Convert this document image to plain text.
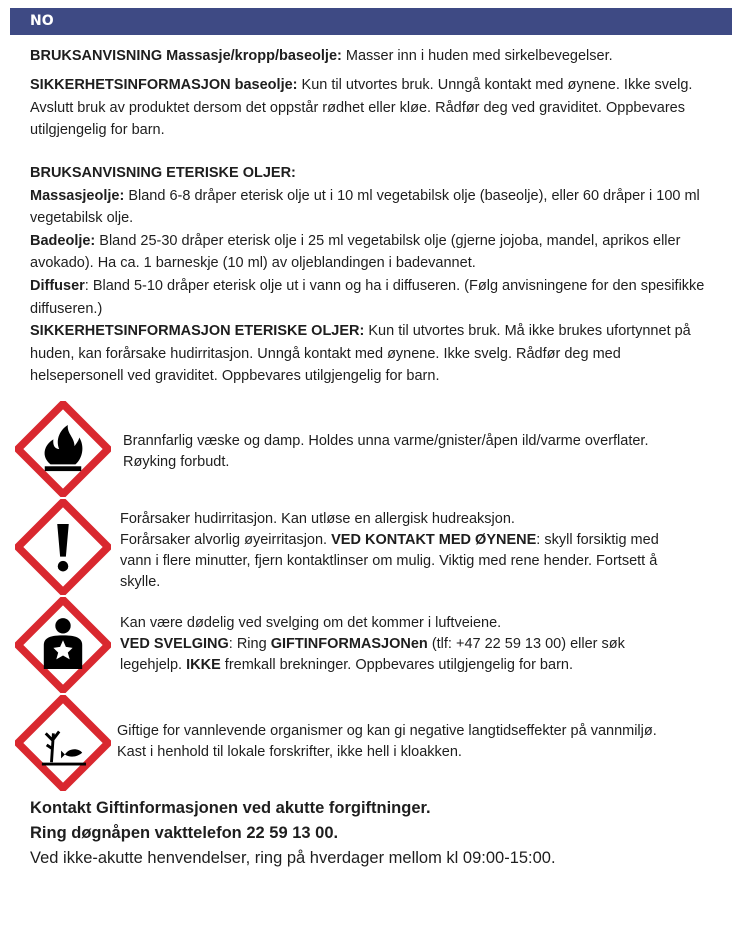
NO

BRUKSANVISNING Massasje/kropp/baseolje: Masser inn i huden med sirkelbevegelser.

SIKKERHETSINFORMASJON baseolje: Kun til utvortes bruk. Unngå kontakt med øynene. Ikke svelg. Avslutt bruk av produktet dersom det oppstår rødhet eller kløe. Rådfør deg ved graviditet. Oppbevares utilgjengelig for barn.

BRUKSANVISNING ETERISKE OLJER:
Massasjeolje: Bland 6-8 dråper eterisk olje ut i 10 ml vegetabilsk olje (baseolje), eller 60 dråper i 100 ml vegetabilsk olje.
Badeolje: Bland 25-30 dråper eterisk olje i 25 ml vegetabilsk olje (gjerne jojoba, mandel, aprikos eller avokado). Ha ca. 1 barneskje (10 ml) av oljeblandingen i badevannet.
Diffuser: Bland 5-10 dråper eterisk olje ut i vann og ha i diffuseren. (Følg anvisningene for den spesifikke diffuseren.)

SIKKERHETSINFORMASJON ETERISKE OLJER: Kun til utvortes bruk. Må ikke brukes ufortynnet på huden, kan forårsake hudirritasjon. Unngå kontakt med øynene. Ikke svelg. Rådfør deg med helsepersonell ved graviditet. Oppbevares utilgjengelig for barn.

Brannfarlig væske og damp. Holdes unna varme/gnister/åpen ild/varme overflater. Røyking forbudt.

Forårsaker hudirritasjon. Kan utløse en allergisk hudreaksjon.
Forårsaker alvorlig øyeirritasjon. VED KONTAKT MED ØYNENE: skyll forsiktig med vann i flere minutter, fjern kontaktlinser om mulig. Viktig med rene hender. Fortsett å skylle.

Kan være dødelig ved svelging om det kommer i luftveiene.
VED SVELGING: Ring GIFTINFORMASJONen (tlf: +47 22 59 13 00) eller søk legehjelp. IKKE fremkall brekninger. Oppbevares utilgjengelig for barn.

Giftige for vannlevende organismer og kan gi negative langtidseffekter på vannmiljø. Kast i henhold til lokale forskrifter, ikke hell i kloakken.

Kontakt Giftinformasjonen ved akutte forgiftninger.
Ring døgnåpen vakttelefon 22 59 13 00.
Ved ikke-akutte henvendelser, ring på hverdager mellom kl 09:00-15:00.
